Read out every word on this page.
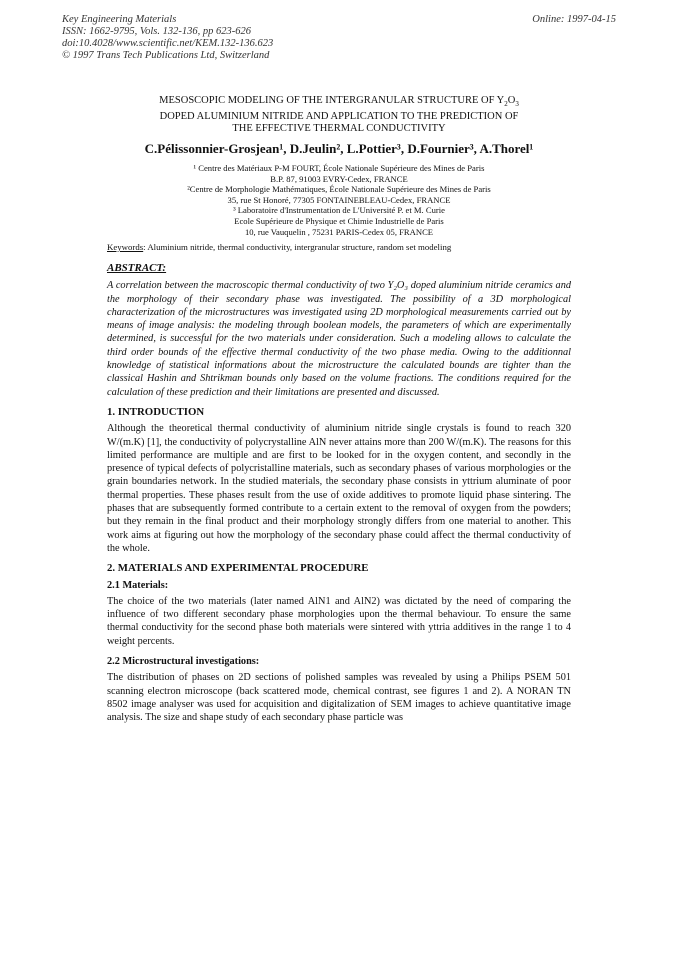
Key Engineering Materials
ISSN: 1662-9795, Vols. 132-136, pp 623-626
doi:10.4028/www.scientific.net/KEM.132-136.623
© 1997 Trans Tech Publications Ltd, Switzerland
Online: 1997-04-15
MESOSCOPIC MODELING OF THE INTERGRANULAR STRUCTURE OF $Y_2O_3$
DOPED ALUMINIUM NITRIDE AND APPLICATION TO THE PREDICTION OF
THE EFFECTIVE THERMAL CONDUCTIVITY
C.Pélissonnier-Grosjean¹, D.Jeulin², L.Pottier³, D.Fournier³, A.Thorel¹
¹ Centre des Matériaux P-M FOURT, École Nationale Supérieure des Mines de Paris
B.P. 87, 91003 EVRY-Cedex, FRANCE
²Centre de Morphologie Mathématiques, École Nationale Supérieure des Mines de Paris
35, rue St Honoré, 77305 FONTAINEBLEAU-Cedex, FRANCE
³ Laboratoire d'Instrumentation de L'Université P. et M. Curie
Ecole Supérieure de Physique et Chimie Industrielle de Paris
10, rue Vauquelin , 75231 PARIS-Cedex 05, FRANCE
Keywords: Aluminium nitride, thermal conductivity, intergranular structure, random set modeling
ABSTRACT:

A correlation between the macroscopic thermal conductivity of two Y₂O₃ doped aluminium nitride ceramics and the morphology of their secondary phase was investigated. The possibility of a 3D morphological characterization of the microstructures was investigated using 2D morphological measurements carried out by means of image analysis: the modeling through boolean models, the parameters of which are experimentally determined, is successful for the two materials under consideration. Such a modeling allows to calculate the third order bounds of the effective thermal conductivity of the two phase media. Owing to the additionnal knowledge of statistical informations about the microstructure the calculated bounds are tighter than the classical Hashin and Shtrikman bounds only based on the volume fractions. The conditions required for the calculation of these prediction and their limitations are presented and discussed.

1. INTRODUCTION

Although the theoretical thermal conductivity of aluminium nitride single crystals is found to reach 320 W/(m.K) [1], the conductivity of polycrystalline AlN never attains more than 200 W/(m.K). The reasons for this limited performance are multiple and are first to be looked for in the oxygen content, and secondly in the presence of typical defects of polycristalline materials, such as secondary phases of various morphologies or the grain boundaries network. In the studied materials, the secondary phase consists in yttrium aluminate of poor thermal properties. These phases result from the use of oxide additives to promote liquid phase sintering. The phases that are subsequently formed contribute to a certain extent to the removal of oxygen from the powders; but they remain in the final product and their morphology strongly differs from one material to another. This work aims at figuring out how the morphology of the secondary phase could affect the thermal conductivity of the whole.

2. MATERIALS AND EXPERIMENTAL PROCEDURE
2.1 Materials:

The choice of the two materials (later named AlN1 and AlN2) was dictated by the need of comparing the influence of two different secondary phase morphologies upon the thermal behaviour. To ensure the same thermal conductivity for the second phase both materials were sintered with yttria additives in the range 1 to 4 weight percents.

2.2 Microstructural investigations:

The distribution of phases on 2D sections of polished samples was revealed by using a Philips PSEM 501 scanning electron microscope (back scattered mode, chemical contrast, see figures 1 and 2). A NORAN TN 8502 image analyser was used for acquisition and digitalization of SEM images to achieve quantitative image analysis. The size and shape study of each secondary phase particle was
